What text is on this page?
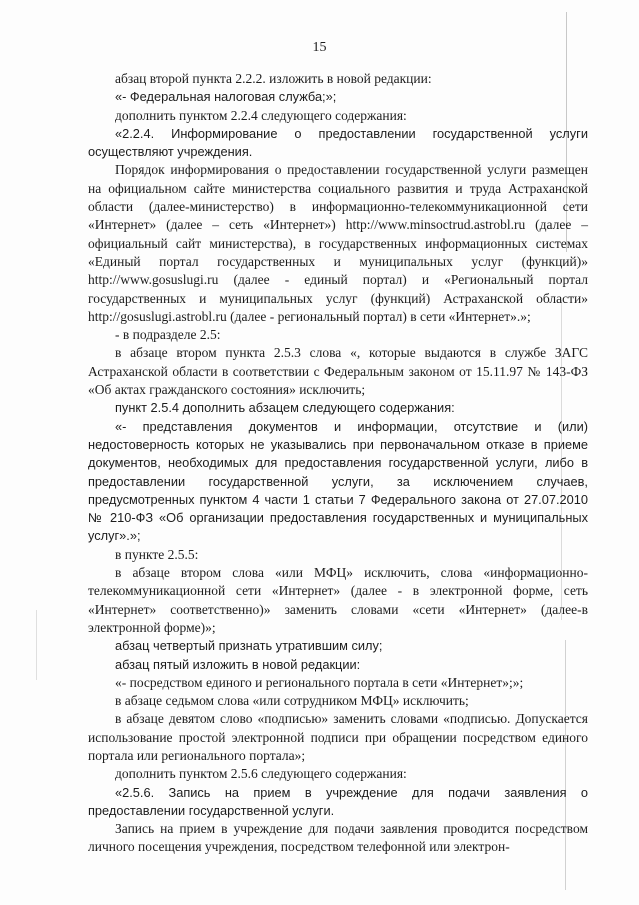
15

абзац второй пункта 2.2.2. изложить в новой редакции:

«- Федеральная налоговая служба;»;

дополнить пунктом 2.2.4 следующего содержания:

«2.2.4. Информирование о предоставлении государственной услуги осуществляют учреждения.

Порядок информирования о предоставлении государственной услуги размещен на официальном сайте министерства социального развития и труда Астраханской области (далее-министерство) в информационно-телекоммуникационной сети «Интернет» (далее – сеть «Интернет») http://www.minsoctrud.astrobl.ru (далее – официальный сайт министерства), в государственных информационных системах «Единый портал государственных и муниципальных услуг (функций)» http://www.gosuslugi.ru (далее - единый портал) и «Региональный портал государственных и муниципальных услуг (функций) Астраханской области» http://gosuslugi.astrobl.ru (далее - региональный портал) в сети «Интернет».»;

- в подразделе 2.5:

в абзаце втором пункта 2.5.3 слова «, которые выдаются в службе ЗАГС Астраханской области в соответствии с Федеральным законом от 15.11.97 № 143-ФЗ «Об актах гражданского состояния» исключить;

пункт 2.5.4 дополнить абзацем следующего содержания:

«- представления документов и информации, отсутствие и (или) недостоверность которых не указывались при первоначальном отказе в приеме документов, необходимых для предоставления государственной услуги, либо в предоставлении государственной услуги, за исключением случаев, предусмотренных пунктом 4 части 1 статьи 7 Федерального закона от 27.07.2010 № 210-ФЗ «Об организации предоставления государственных и муниципальных услуг».»;

в пункте 2.5.5:

в абзаце втором слова «или МФЦ» исключить, слова «информационно-телекоммуникационной сети «Интернет» (далее - в электронной форме, сеть «Интернет» соответственно)» заменить словами «сети «Интернет» (далее-в электронной форме)»;

абзац четвертый признать утратившим силу;

абзац пятый изложить в новой редакции:

«- посредством единого и регионального портала в сети «Интернет»;»;

в абзаце седьмом слова «или сотрудником МФЦ» исключить;

в абзаце девятом слово «подписью» заменить словами «подписью. Допускается использование простой электронной подписи при обращении посредством единого портала или регионального портала»;

дополнить пунктом 2.5.6 следующего содержания:

«2.5.6. Запись на прием в учреждение для подачи заявления о предоставлении государственной услуги.

Запись на прием в учреждение для подачи заявления проводится посредством личного посещения учреждения, посредством телефонной или электрон-
